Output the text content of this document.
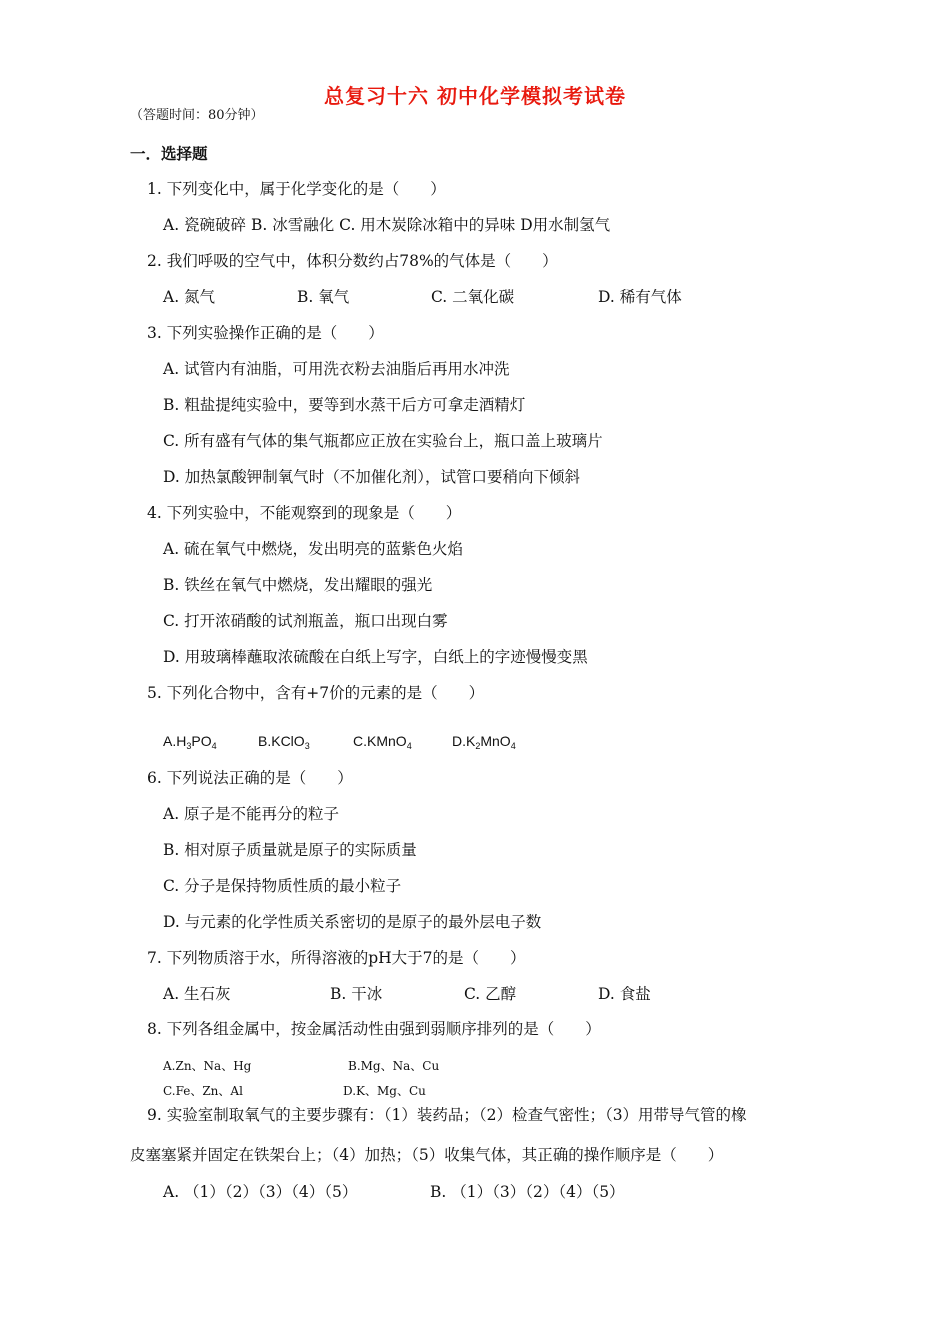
总复习十六 初中化学模拟考试卷
（答题时间：80分钟）
一．选择题
1. 下列变化中，属于化学变化的是（　　）
A. 瓷碗破碎 B. 冰雪融化 C. 用木炭除冰箱中的异味 D用水制氢气
2. 我们呼吸的空气中，体积分数约占78%的气体是（　　）
A. 氮气	B. 氧气	C. 二氧化碳	D. 稀有气体
3. 下列实验操作正确的是（　　）
A. 试管内有油脂，可用洗衣粉去油脂后再用水冲洗
B. 粗盐提纯实验中，要等到水蒸干后方可拿走酒精灯
C. 所有盛有气体的集气瓶都应正放在实验台上，瓶口盖上玻璃片
D. 加热氯酸钾制氧气时（不加催化剂），试管口要稍向下倾斜
4. 下列实验中，不能观察到的现象是（　　）
A. 硫在氧气中燃烧，发出明亮的蓝紫色火焰
B. 铁丝在氧气中燃烧，发出耀眼的强光
C. 打开浓硝酸的试剂瓶盖，瓶口出现白雾
D. 用玻璃棒蘸取浓硫酸在白纸上写字，白纸上的字迹慢慢变黑
5. 下列化合物中，含有+7价的元素的是（　　）
$A.H_3PO_4$	B.KClO$_3$	C.KMnO$_4$	$D.K_2MnO_4$
6. 下列说法正确的是（　　）
A. 原子是不能再分的粒子
B. 相对原子质量就是原子的实际质量
C. 分子是保持物质性质的最小粒子
D. 与元素的化学性质关系密切的是原子的最外层电子数
7. 下列物质溶于水，所得溶液的pH大于7的是（　　）
A. 生石灰	B. 干冰	C. 乙醇	D. 食盐
8. 下列各组金属中，按金属活动性由强到弱顺序排列的是（　　）
A.Zn、Na、Hg	B.Mg、Na、Cu
C.Fe、Zn、Al	D.K、Mg、Cu
9. 实验室制取氧气的主要步骤有：（1）装药品；（2）检查气密性；（3）用带导气管的橡
皮塞塞紧并固定在铁架台上；（4）加热；（5）收集气体，其正确的操作顺序是（　　）
A. （1）（2）（3）（4）（5）	B. （1）（3）（2）（4）（5）
